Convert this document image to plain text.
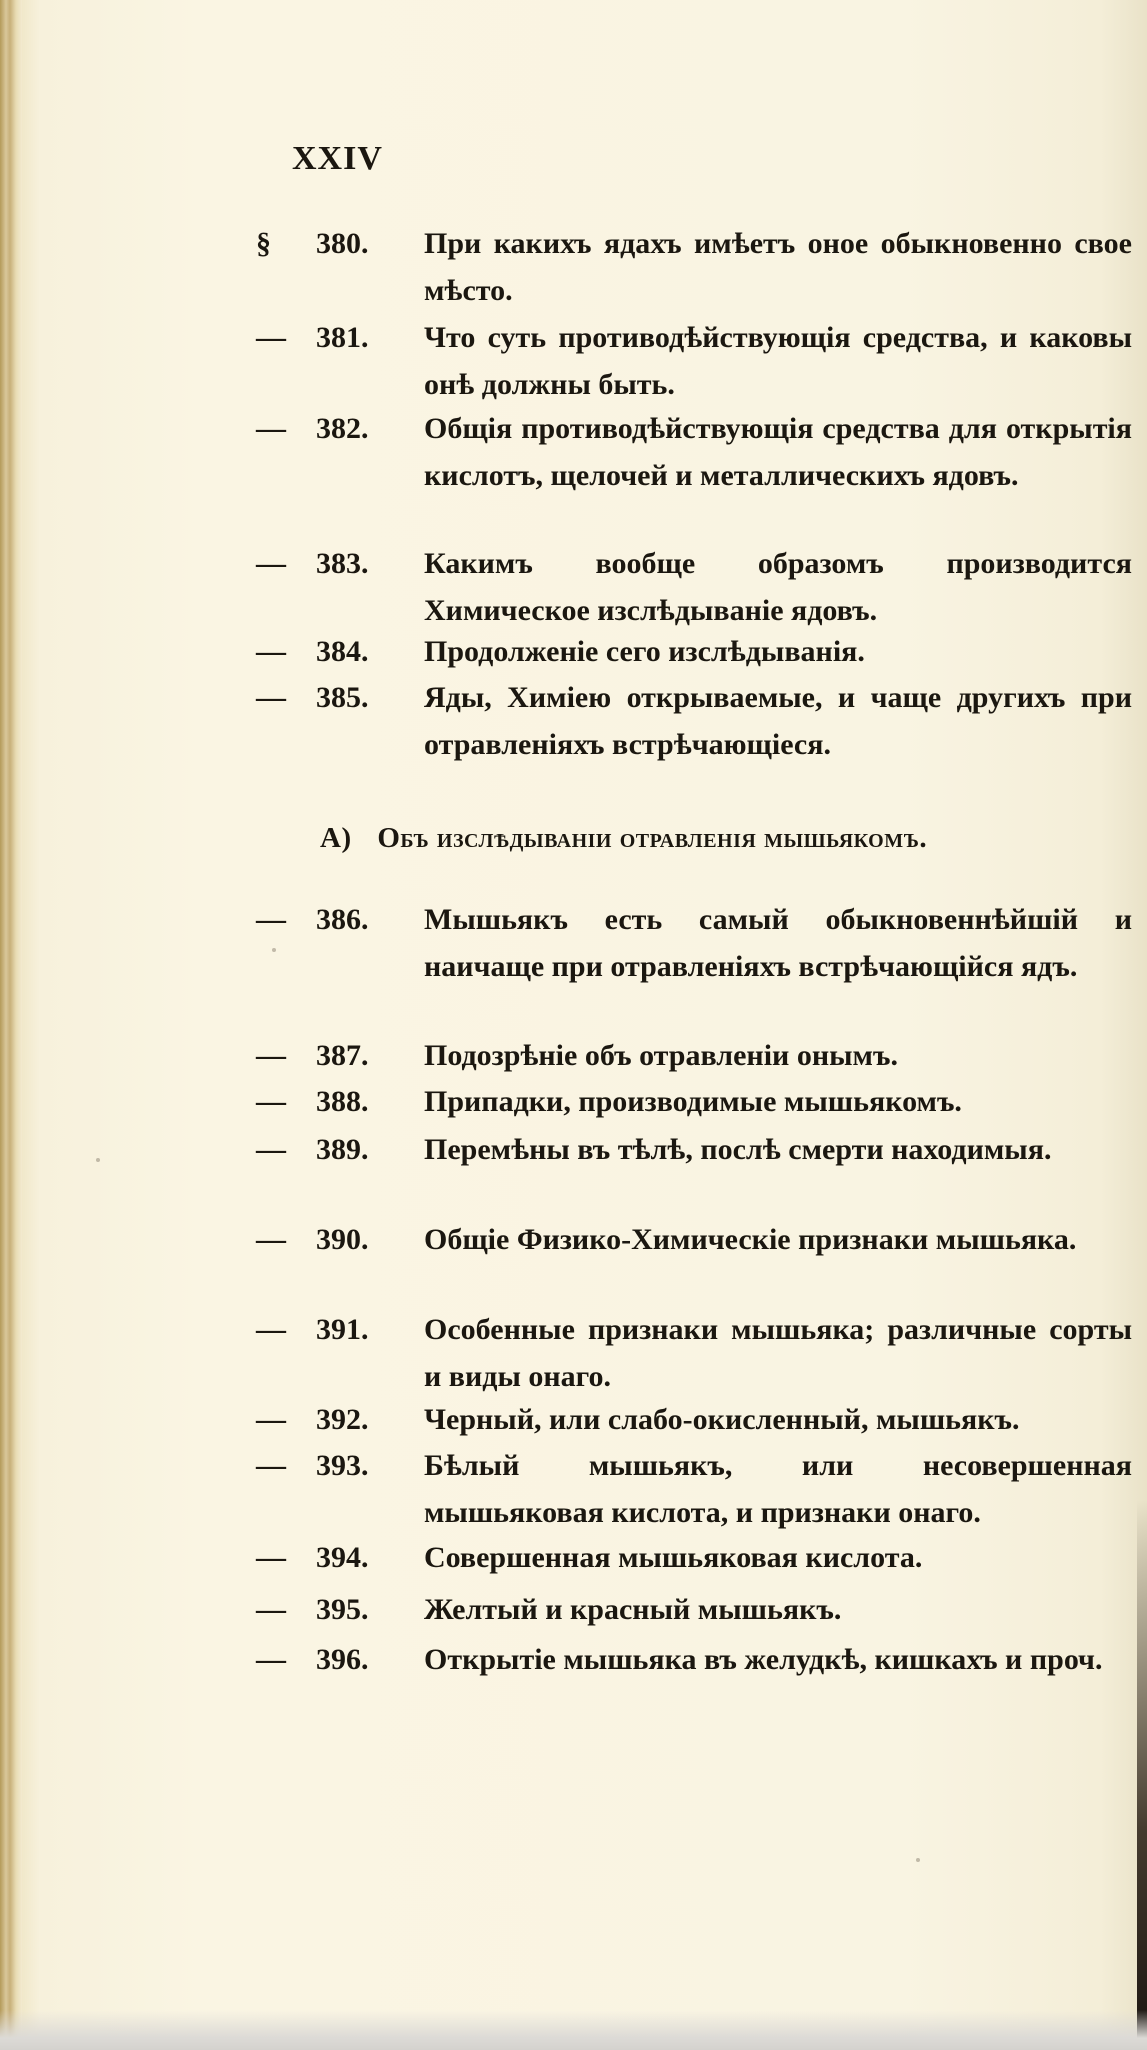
XXIV
§	380.	При какихъ ядахъ имѣетъ оное обыкновенно свое мѣсто.
—	381.	Что суть противодѣйствующія средства, и каковы онѣ должны быть.
—	382.	Общія противодѣйствующія средства для открытія кислотъ, щелочей и металлическихъ ядовъ.
—	383.	Какимъ вообще образомъ производится Химическое изслѣдываніе ядовъ.
—	384.	Продолженіе сего изслѣдыванія.
—	385.	Яды, Химіею открываемые, и чаще другихъ при отравленіяхъ встрѣчающіеся.
A) Объ изслѣдываніи отравленія мышьякомъ.
—	386.	Мышьякъ есть самый обыкновеннѣйшій и наичаще при отравленіяхъ встрѣчающійся ядъ.
—	387.	Подозрѣніе объ отравленіи онымъ.
—	388.	Припадки, производимые мышьякомъ.
—	389.	Перемѣны въ тѣлѣ, послѣ смерти находимыя.
—	390.	Общіе Физико-Химическіе признаки мышьяка.
—	391.	Особенные признаки мышьяка; различные сорты и виды онаго.
—	392.	Черный, или слабо-окисленный, мышьякъ.
—	393.	Бѣлый мышьякъ, или несовершенная мышьяковая кислота, и признаки онаго.
—	394.	Совершенная мышьяковая кислота.
—	395.	Желтый и красный мышьякъ.
—	396.	Открытіе мышьяка въ желудкѣ, кишкахъ и проч.
